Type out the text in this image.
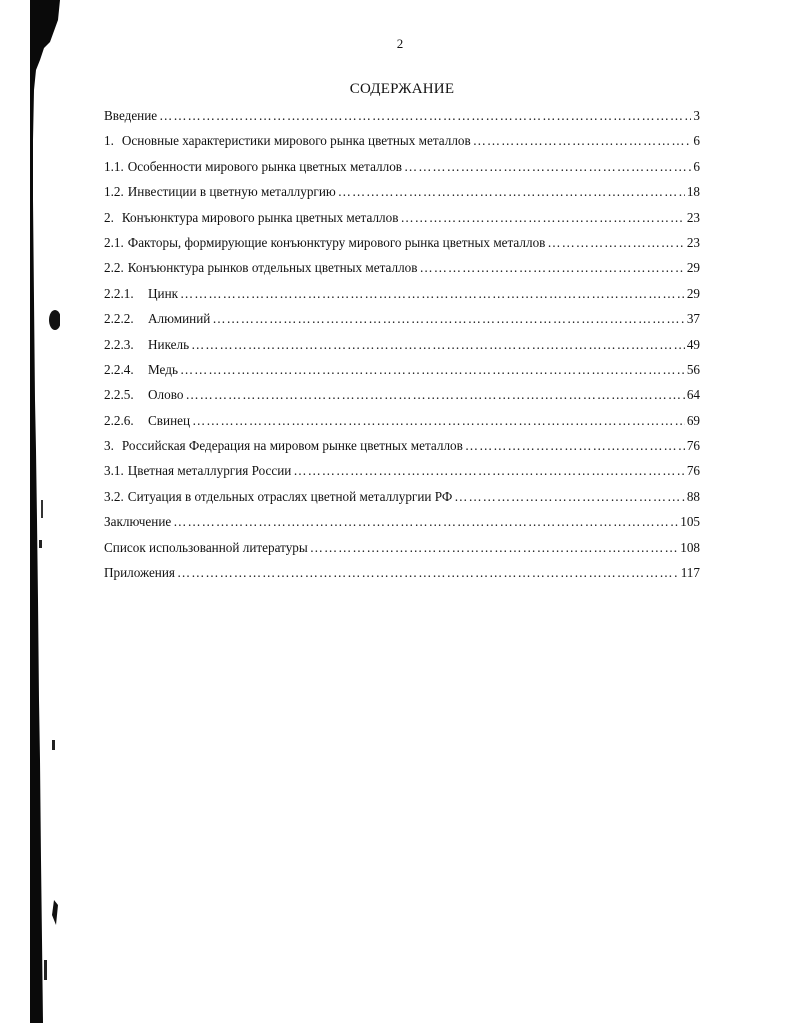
2
СОДЕРЖАНИЕ
Введение …………………………………………………………………………………………………………………………………………………………………………………………………	3
1. Основные характеристики мирового рынка цветных металлов …………………………………………………………………………………………………………………………………………………………………………………………………	6
1.1. Особенности мирового рынка цветных металлов …………………………………………………………………………………………………………………………………………………………………………………………………	6
1.2. Инвестиции в цветную металлургию …………………………………………………………………………………………………………………………………………………………………………………………………	18
2. Конъюнктура мирового рынка цветных металлов …………………………………………………………………………………………………………………………………………………………………………………………………	23
2.1. Факторы, формирующие конъюнктуру мирового рынка цветных металлов …………………………………………………………………………………………………………………………………………………………………………………………………	23
2.2. Конъюнктура рынков отдельных цветных металлов …………………………………………………………………………………………………………………………………………………………………………………………………	29
2.2.1.	Цинк …………………………………………………………………………………………………………………………………………………………………………………………………	29
2.2.2.	Алюминий …………………………………………………………………………………………………………………………………………………………………………………………………	37
2.2.3.	Никель …………………………………………………………………………………………………………………………………………………………………………………………………	49
2.2.4.	Медь …………………………………………………………………………………………………………………………………………………………………………………………………	56
2.2.5.	Олово …………………………………………………………………………………………………………………………………………………………………………………………………	64
2.2.6.	Свинец …………………………………………………………………………………………………………………………………………………………………………………………………	69
3. Российская Федерация на мировом рынке цветных металлов …………………………………………………………………………………………………………………………………………………………………………………………………	76
3.1. Цветная металлургия России …………………………………………………………………………………………………………………………………………………………………………………………………	76
3.2. Ситуация в отдельных отраслях цветной металлургии РФ …………………………………………………………………………………………………………………………………………………………………………………………………	88
Заключение …………………………………………………………………………………………………………………………………………………………………………………………………	105
Список использованной литературы …………………………………………………………………………………………………………………………………………………………………………………………………	108
Приложения …………………………………………………………………………………………………………………………………………………………………………………………………	117
